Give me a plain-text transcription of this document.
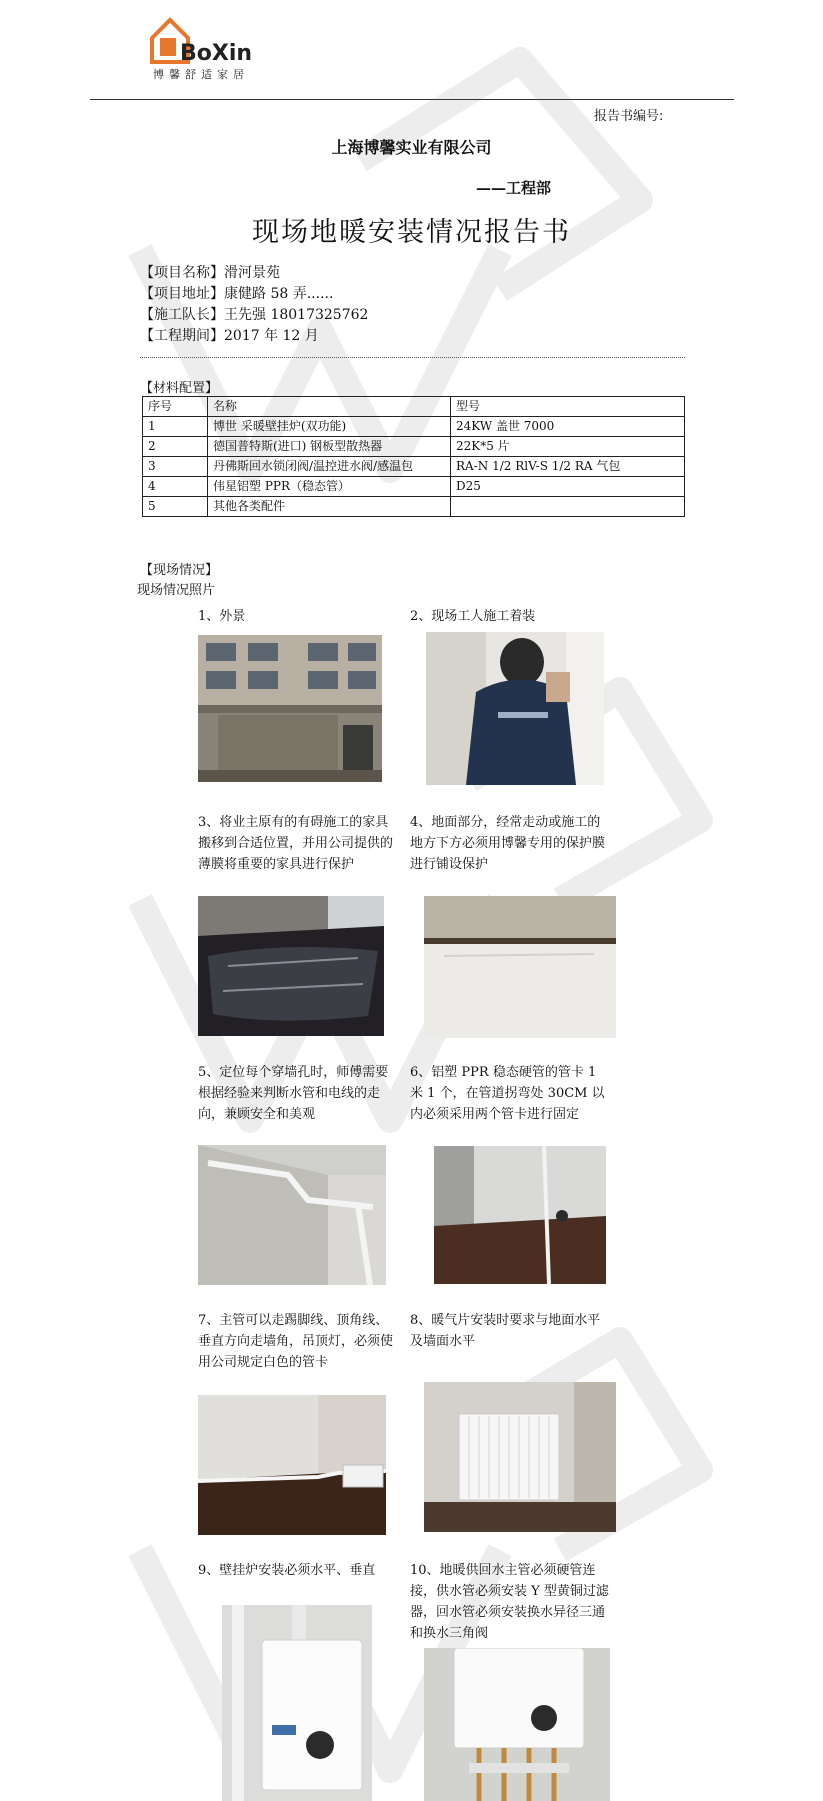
BoXin
博馨舒适家居
报告书编号:
上海博馨实业有限公司
——工程部
现场地暖安装情况报告书
【项目名称】滑河景苑
【项目地址】康健路 58 弄......
【施工队长】王先强 18017325762
【工程期间】2017 年 12 月
【材料配置】
序号	名称	型号
1	博世 采暖壁挂炉(双功能)	24KW 盖世 7000
2	德国普特斯(进口) 钢板型散热器	22K*5 片
3	丹佛斯回水锁闭阀/温控进水阀/感温包	RA-N 1/2 RlV-S 1/2 RA 气包
4	伟星铝塑 PPR（稳态管）	D25
5	其他各类配件	
【现场情况】
现场情况照片
1、外景	2、现场工人施工着装
3、将业主原有的有碍施工的家具搬移到合适位置，并用公司提供的薄膜将重要的家具进行保护
4、地面部分，经常走动或施工的地方下方必须用博馨专用的保护膜进行铺设保护
5、定位每个穿墙孔时，师傅需要根据经验来判断水管和电线的走向，兼顾安全和美观
6、铝塑 PPR 稳态硬管的管卡 1 米 1 个，在管道拐弯处 30CM 以内必须采用两个管卡进行固定
7、主管可以走踢脚线、顶角线、垂直方向走墙角，吊顶灯，必须使用公司规定白色的管卡
8、暖气片安装时要求与地面水平及墙面水平
9、壁挂炉安装必须水平、垂直	10、地暖供回水主管必须硬管连接，供水管必须安装 Y 型黄铜过滤器，回水管必须安装换水异径三通和换水三角阀
